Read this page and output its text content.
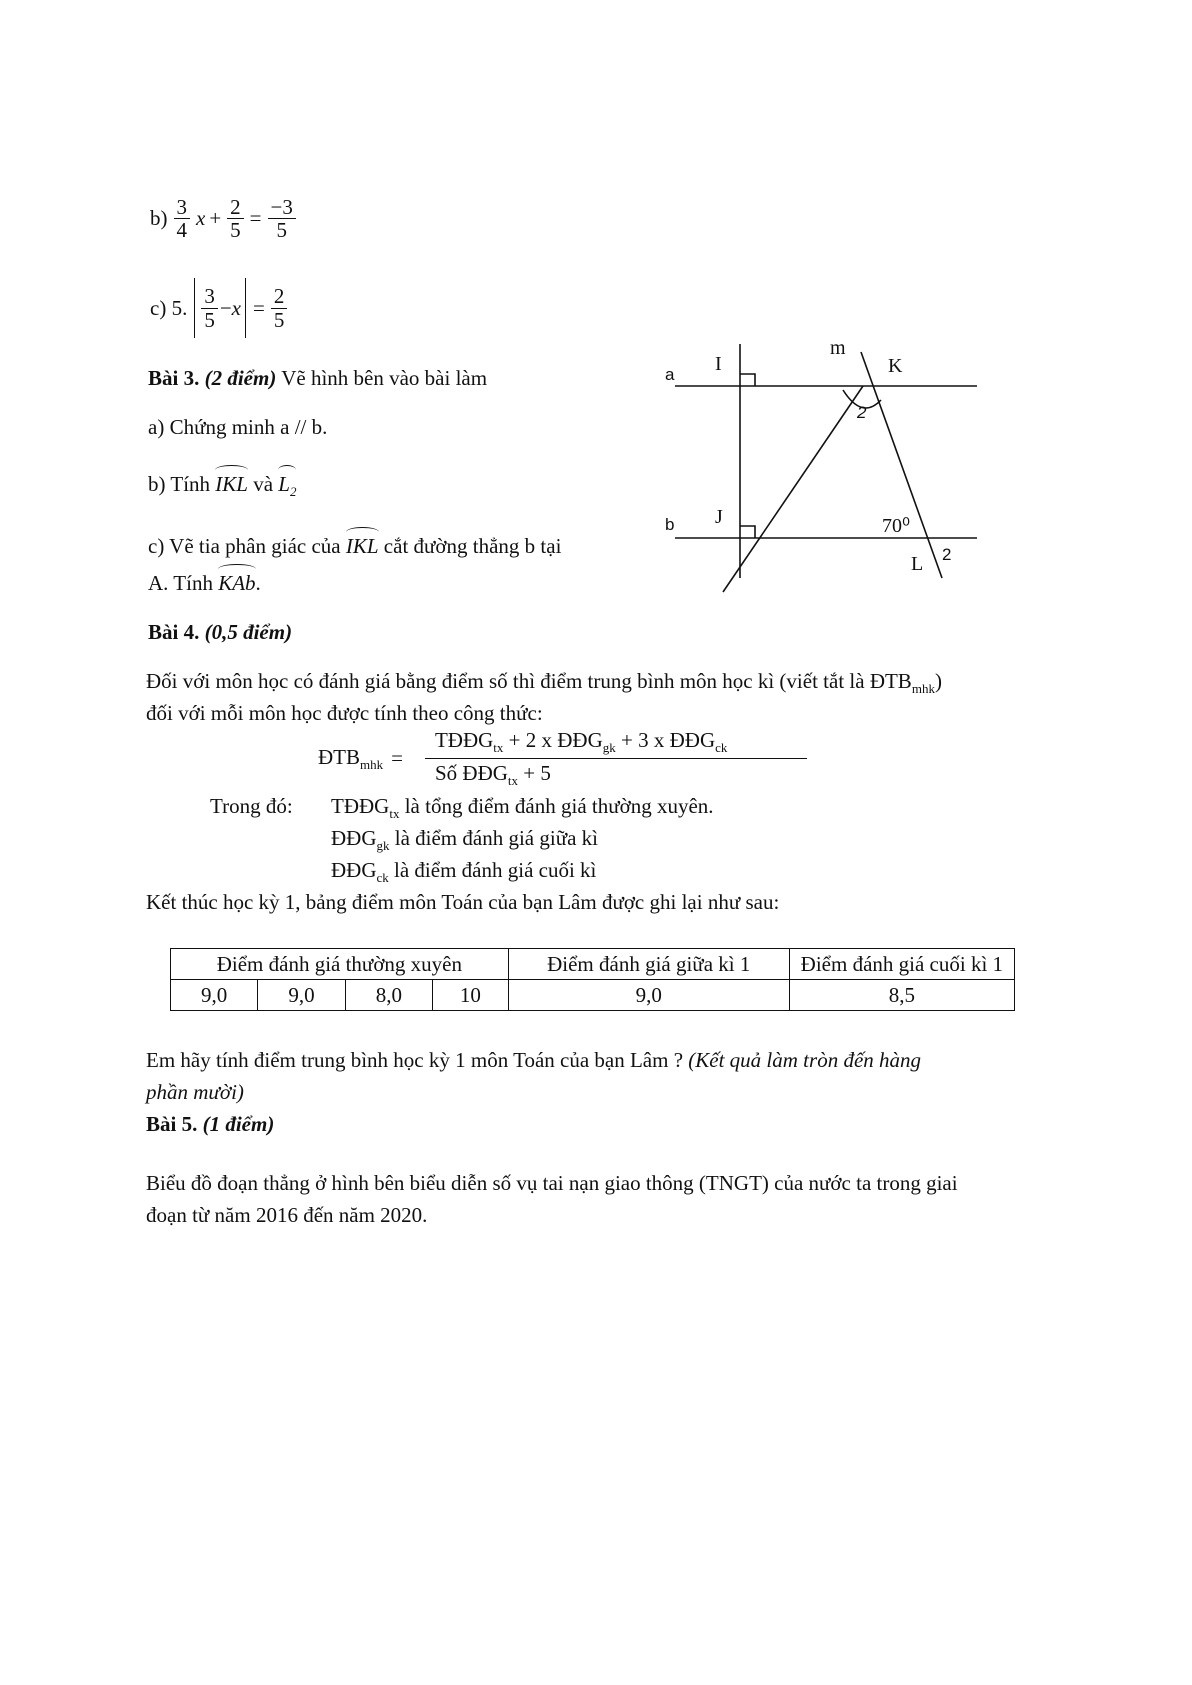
$b) \frac{3}{4}$ $x + \frac{2}{5} = \frac{-3}{5}$
c) 5. $\frac{3}{5} - x = \frac{2}{5}$
Bài 3. (2 điểm) Vẽ hình bên vào bài làm
a) Chứng minh a // b.
b) Tính IKL và $L_2$
c) Vẽ tia phân giác của IKL cắt đường thẳng b tại
A. Tính KAb.
a I
m
K
2
b J	70⁰
L 2
Bài 4. (0,5 điểm)
Đối với môn học có đánh giá bằng điểm số thì điểm trung bình môn học kì (viết tắt là $ĐTB_{mhk}$)
đối với mỗi môn học được tính theo công thức:
$ĐTB_{mhk} = \frac{TĐĐG_{tx} + 2 x ĐĐG_{gk} + 3 x ĐĐG_{ck}}{Số ĐĐG_{tx} + 5}$
Trong đó: $TĐĐG_{tx}$ là tổng điểm đánh giá thường xuyên.
$ĐĐG_{gk}$ là điểm đánh giá giữa kì
$ĐĐG_{ck}$ là điểm đánh giá cuối kì
Kết thúc học kỳ 1, bảng điểm môn Toán của bạn Lâm được ghi lại như sau:
Điểm đánh giá thường xuyên				Điểm đánh giá giữa kì 1	Điểm đánh giá cuối kì 1
9,0	9,0	8,0	10	9,0	8,5
Em hãy tính điểm trung bình học kỳ 1 môn Toán của bạn Lâm ? (Kết quả làm tròn đến hàng
phần mười)
Bài 5. (1 điểm)
Biểu đồ đoạn thẳng ở hình bên biểu diễn số vụ tai nạn giao thông (TNGT) của nước ta trong giai
đoạn từ năm 2016 đến năm 2020.
